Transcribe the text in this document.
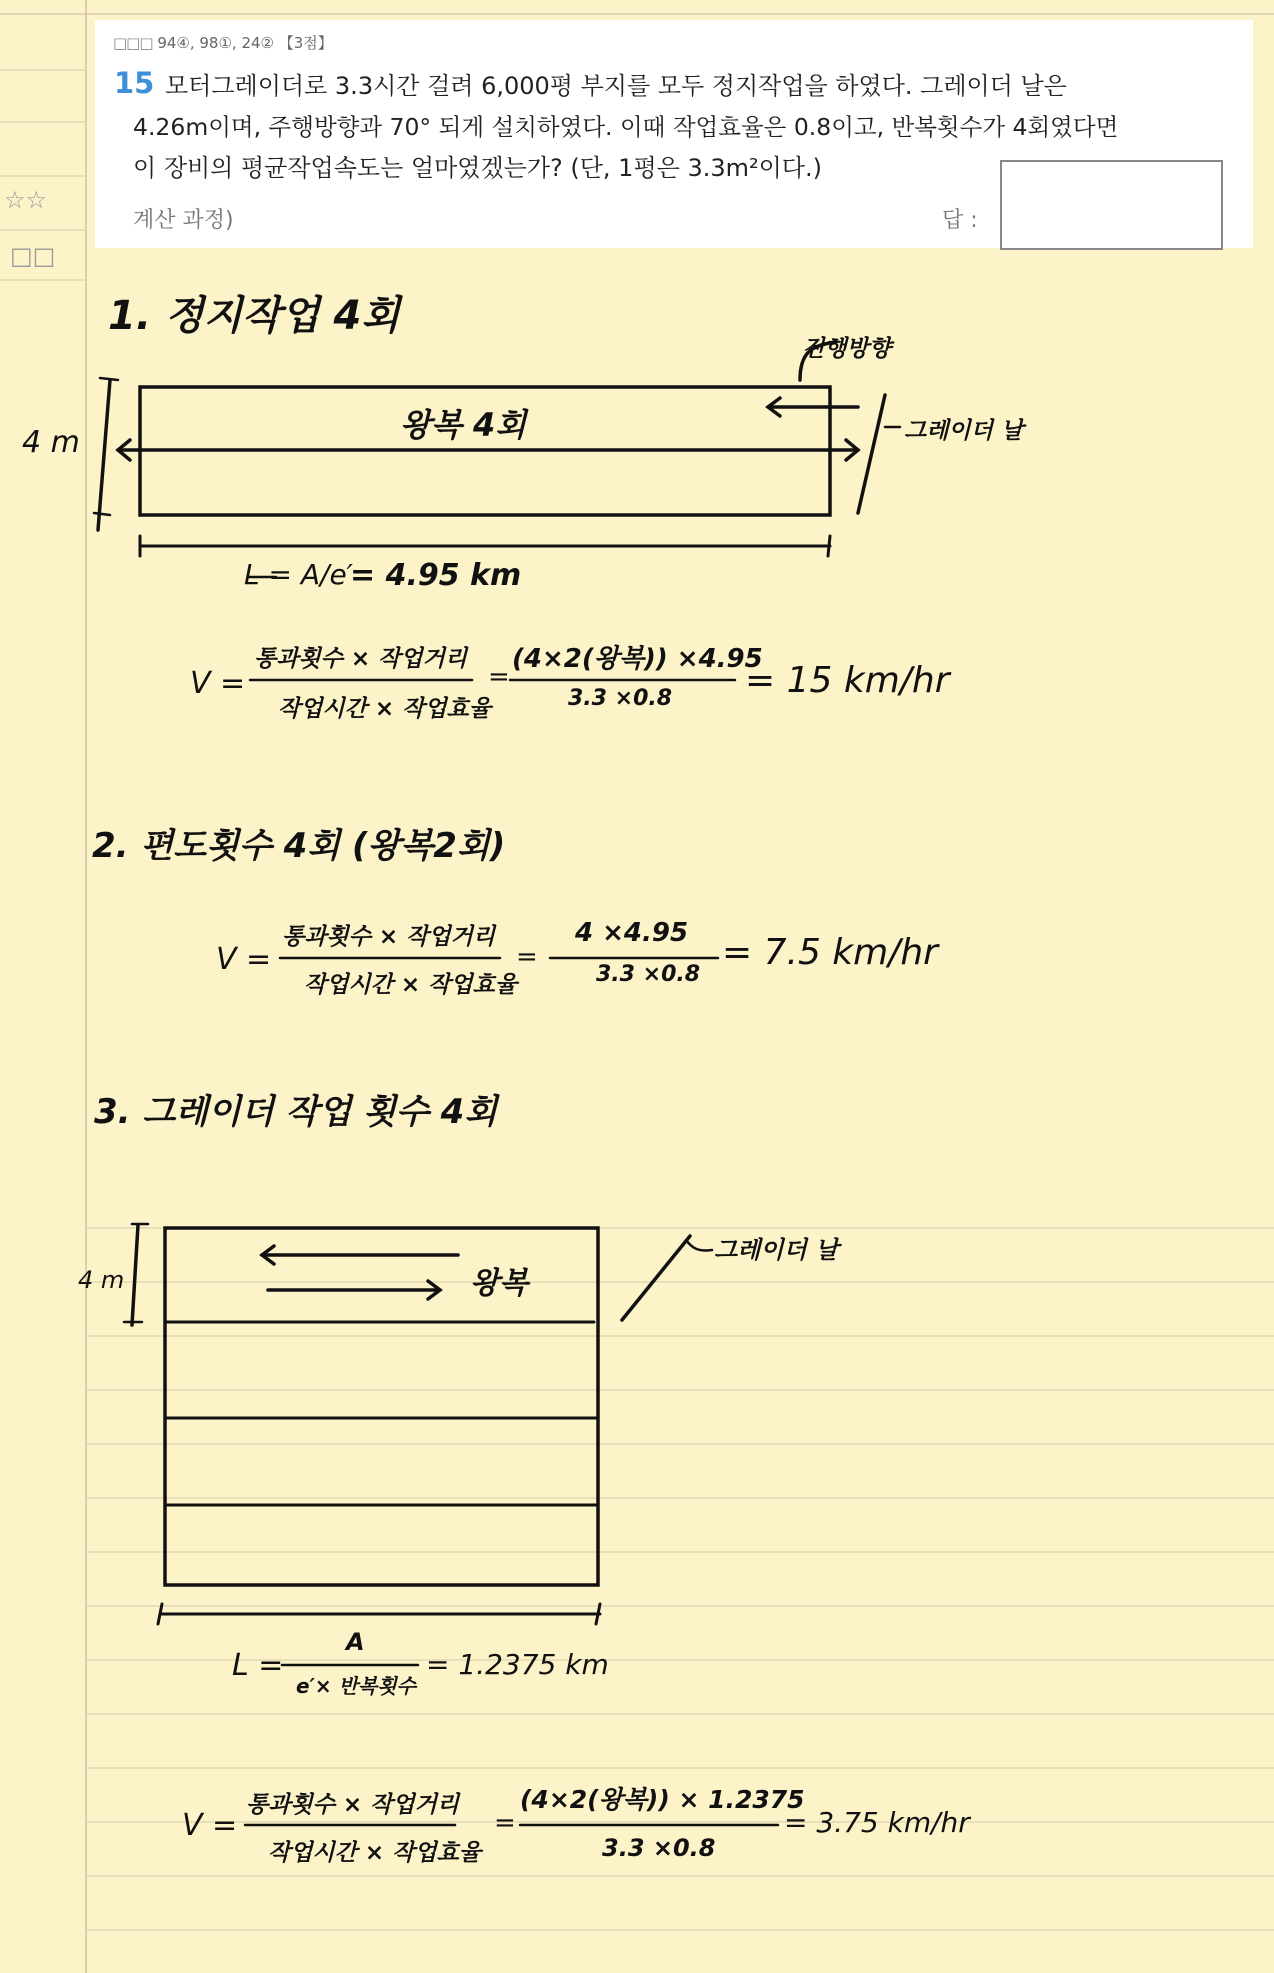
☆☆
□□
□□□ 94④, 98①, 24② 【3점】
15 모터그레이더로 3.3시간 걸려 6,000평 부지를 모두 정지작업을 하였다. 그레이더 날은
4.26m이며, 주행방향과 70° 되게 설치하였다. 이때 작업효율은 0.8이고, 반복횟수가 4회였다면
이 장비의 평균작업속도는 얼마였겠는가? (단, 1평은 3.3m²이다.)
계산 과정)	답 :
1. 정지작업 4회
진행방향
그레이더 날
왕복 4회
4 m
L = A/e′
= 4.95 km
V =
통과횟수 × 작업거리
작업시간 × 작업효율
=
(4×2(왕복)) ×4.95
3.3 ×0.8 = 15 km/hr
2. 편도횟수 4회 (왕복2회)
V =
통과횟수 × 작업거리
작업시간 × 작업효율
=
4 ×4.95
3.3 ×0.8
= 7.5 km/hr
3. 그레이더 작업 횟수 4회
4 m	왕복
그레이더 날
L =
A
e′× 반복횟수
= 1.2375 km
V =
통과횟수 × 작업거리
작업시간 × 작업효율
=
(4×2(왕복)) × 1.2375
3.3 ×0.8
= 3.75 km/hr
